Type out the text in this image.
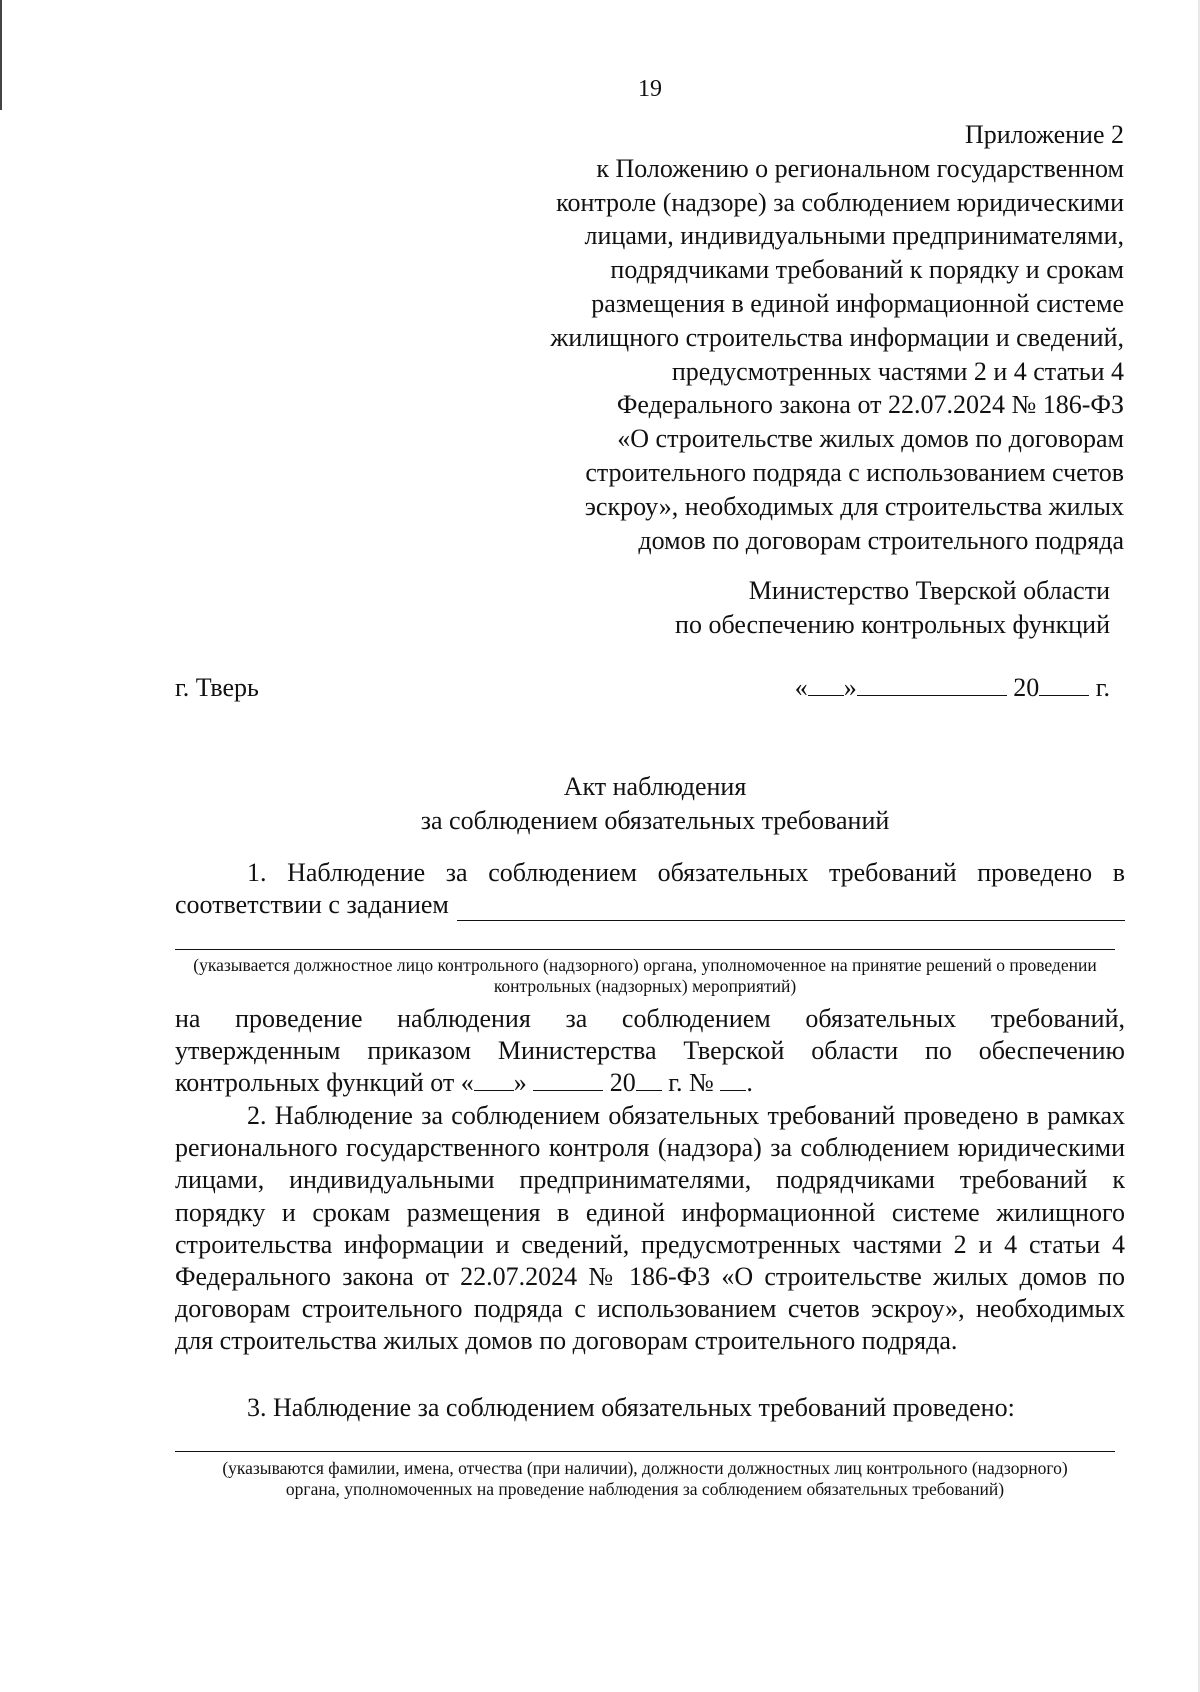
19
Приложение 2
к Положению о региональном государственном
контроле (надзоре) за соблюдением юридическими
лицами, индивидуальными предпринимателями,
подрядчиками требований к порядку и срокам
размещения в единой информационной системе
жилищного строительства информации и сведений,
предусмотренных частями 2 и 4 статьи 4
Федерального закона от 22.07.2024 № 186-ФЗ
«О строительстве жилых домов по договорам
строительного подряда с использованием счетов
эскроу», необходимых для строительства жилых
домов по договорам строительного подряда
Министерство Тверской области
по обеспечению контрольных функций
г. Тверь	« »	20 г.
Акт наблюдения
за соблюдением обязательных требований
1. Наблюдение за соблюдением обязательных требований проведено в
соответствии с заданием
(указывается должностное лицо контрольного (надзорного) органа, уполномоченное на принятие решений о проведении контрольных (надзорных) мероприятий)
на проведение наблюдения за соблюдением обязательных требований,
утвержденным приказом Министерства Тверской области по обеспечению
контрольных функций от « »	20 г. № .
2. Наблюдение за соблюдением обязательных требований проведено в рамках регионального государственного контроля (надзора) за соблюдением юридическими лицами, индивидуальными предпринимателями, подрядчиками требований к порядку и срокам размещения в единой информационной системе жилищного строительства информации и сведений, предусмотренных частями 2 и 4 статьи 4 Федерального закона от 22.07.2024 № 186-ФЗ «О строительстве жилых домов по договорам строительного подряда с использованием счетов эскроу», необходимых для строительства жилых домов по договорам строительного подряда.
3. Наблюдение за соблюдением обязательных требований проведено:
(указываются фамилии, имена, отчества (при наличии), должности должностных лиц контрольного (надзорного) органа, уполномоченных на проведение наблюдения за соблюдением обязательных требований)
